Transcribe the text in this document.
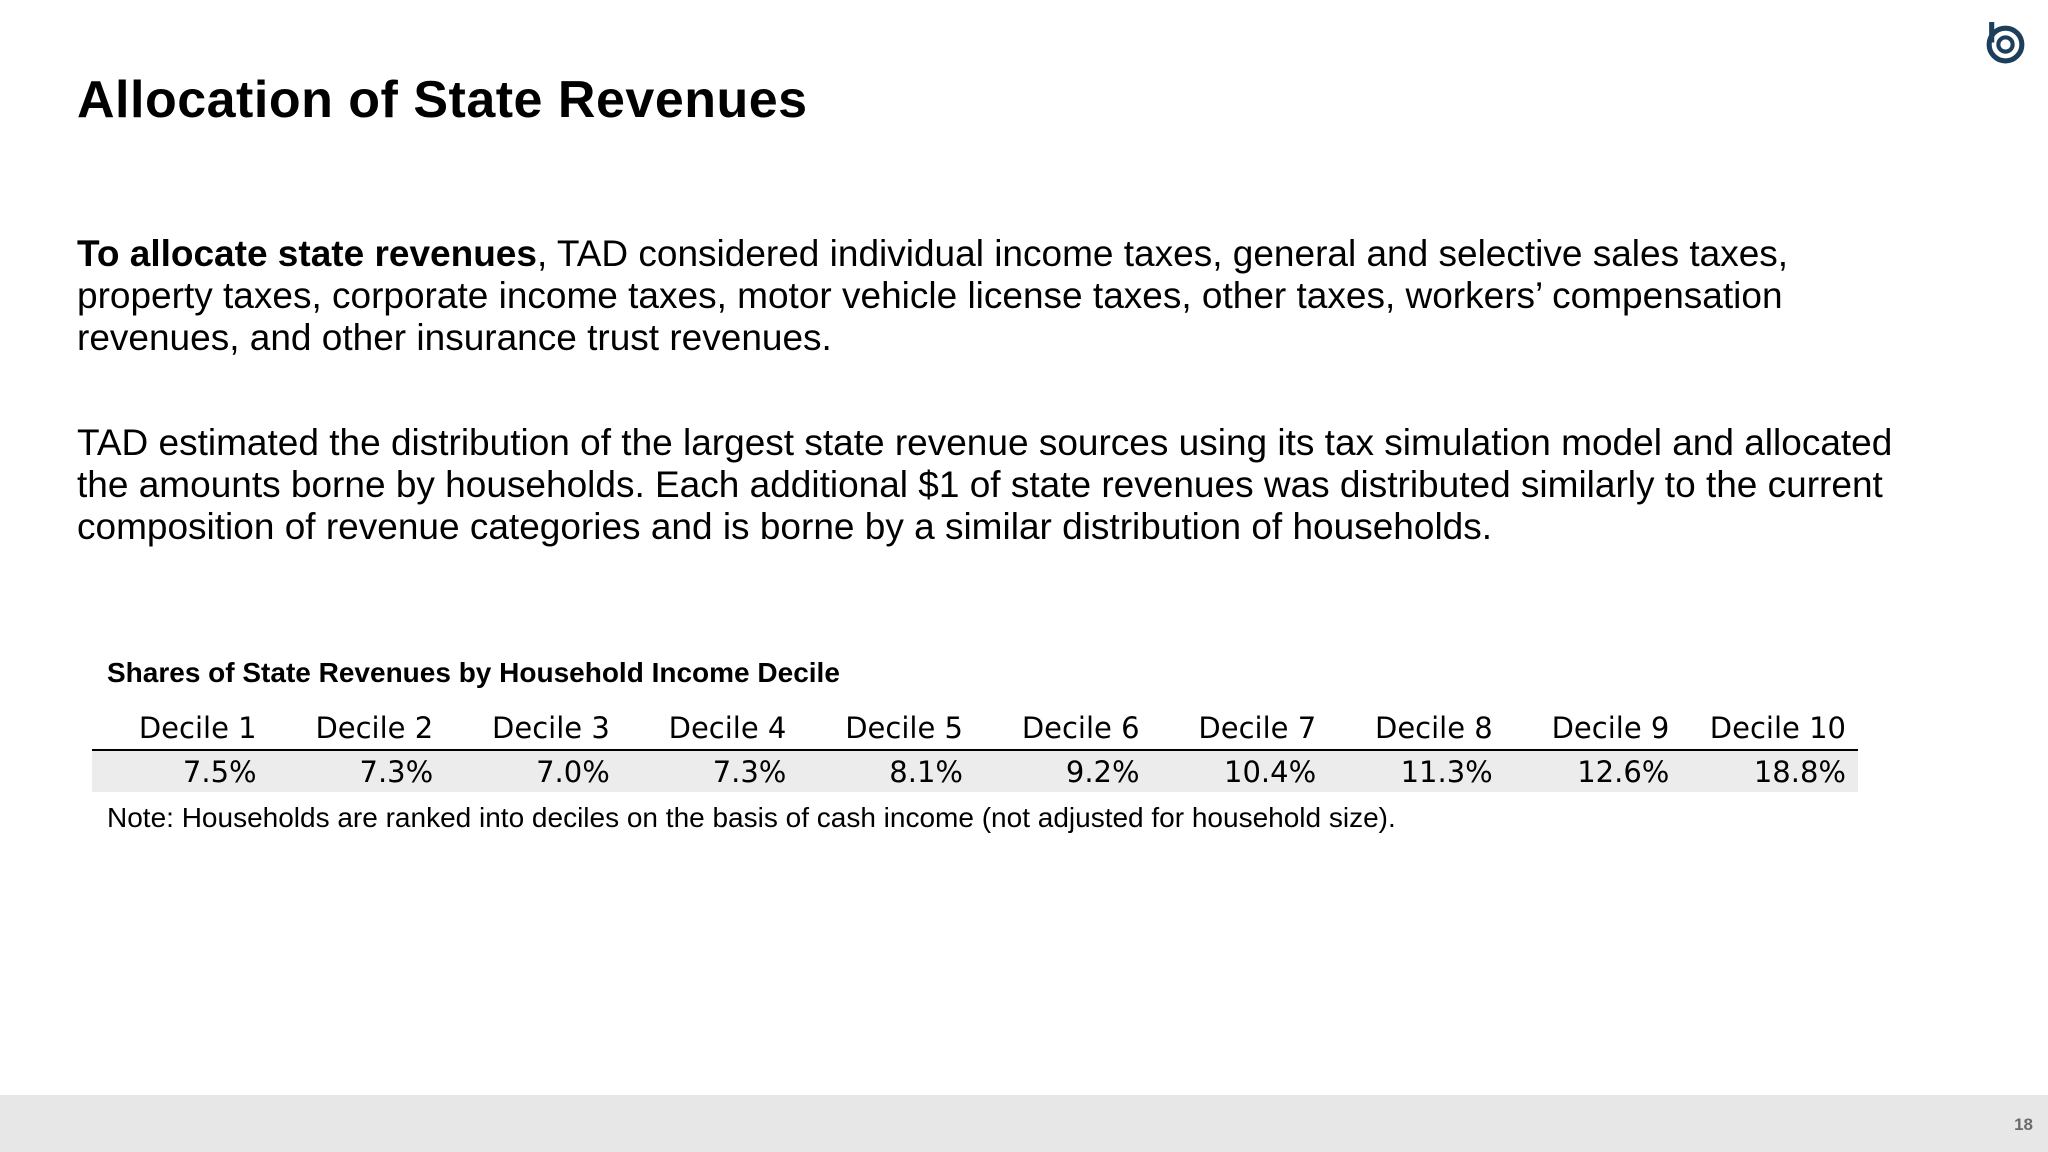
Allocation of State Revenues

To allocate state revenues, TAD considered individual income taxes, general and selective sales taxes, property taxes, corporate income taxes, motor vehicle license taxes, other taxes, workers’ compensation revenues, and other insurance trust revenues.

TAD estimated the distribution of the largest state revenue sources using its tax simulation model and allocated the amounts borne by households. Each additional $1 of state revenues was distributed similarly to the current composition of revenue categories and is borne by a similar distribution of households.

Shares of State Revenues by Household Income Decile

Decile 1	Decile 2	Decile 3	Decile 4	Decile 5	Decile 6	Decile 7	Decile 8	Decile 9	Decile 10
7.5%	7.3%	7.0%	7.3%	8.1%	9.2%	10.4%	11.3%	12.6%	18.8%

Note: Households are ranked into deciles on the basis of cash income (not adjusted for household size).

18
